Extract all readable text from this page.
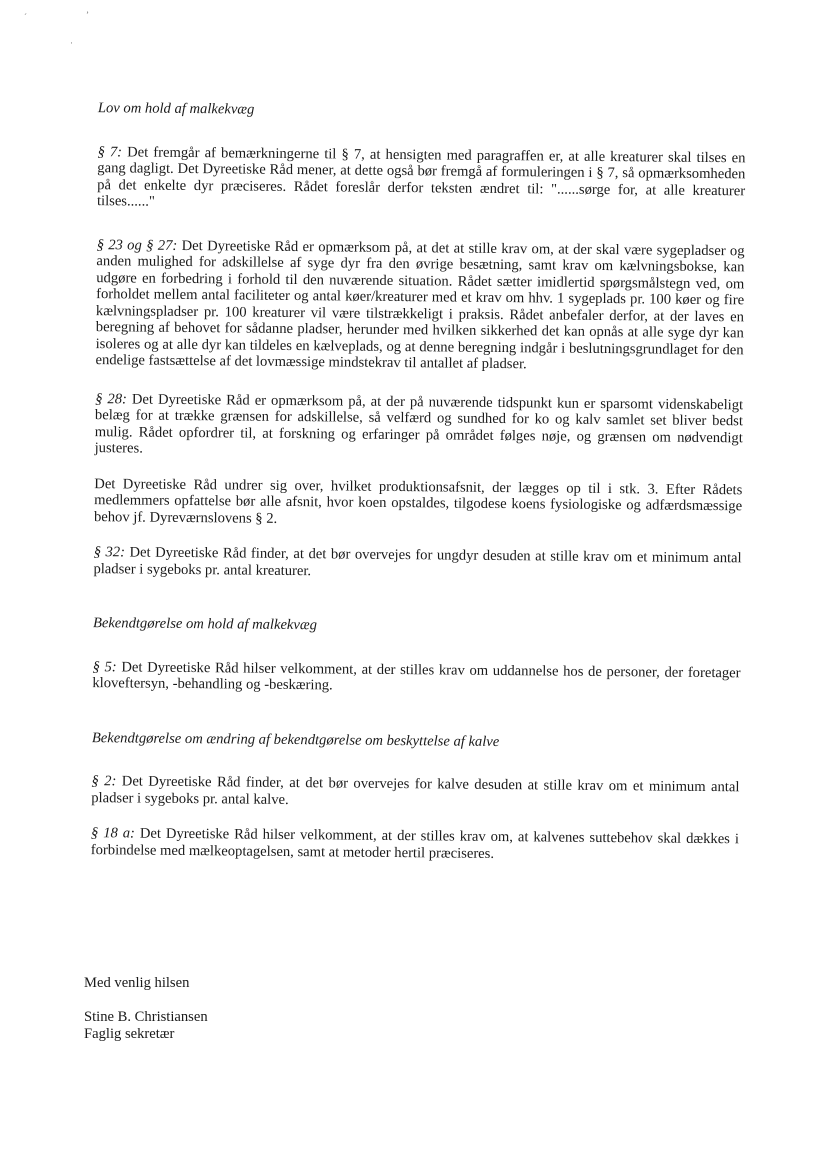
´	’
·

Lov om hold af malkekvæg

§ 7: Det fremgår af bemærkningerne til § 7, at hensigten med paragraffen er, at alle kreaturer skal tilses en gang dagligt. Det Dyreetiske Råd mener, at dette også bør fremgå af formuleringen i § 7, så opmærksomheden på det enkelte dyr præciseres. Rådet foreslår derfor teksten ændret til: "......sørge for, at alle kreaturer tilses......"

§ 23 og § 27: Det Dyreetiske Råd er opmærksom på, at det at stille krav om, at der skal være sygepladser og anden mulighed for adskillelse af syge dyr fra den øvrige besætning, samt krav om kælvningsbokse, kan udgøre en forbedring i forhold til den nuværende situation. Rådet sætter imidlertid spørgsmålstegn ved, om forholdet mellem antal faciliteter og antal køer/kreaturer med et krav om hhv. 1 sygeplads pr. 100 køer og fire kælvningspladser pr. 100 kreaturer vil være tilstrækkeligt i praksis. Rådet anbefaler derfor, at der laves en beregning af behovet for sådanne pladser, herunder med hvilken sikkerhed det kan opnås at alle syge dyr kan isoleres og at alle dyr kan tildeles en kælveplads, og at denne beregning indgår i beslutningsgrundlaget for den endelige fastsættelse af det lovmæssige mindstekrav til antallet af pladser.

§ 28: Det Dyreetiske Råd er opmærksom på, at der på nuværende tidspunkt kun er sparsomt videnskabeligt belæg for at trække grænsen for adskillelse, så velfærd og sundhed for ko og kalv samlet set bliver bedst mulig. Rådet opfordrer til, at forskning og erfaringer på området følges nøje, og grænsen om nødvendigt justeres.

Det Dyreetiske Råd undrer sig over, hvilket produktionsafsnit, der lægges op til i stk. 3. Efter Rådets medlemmers opfattelse bør alle afsnit, hvor koen opstaldes, tilgodese koens fysiologiske og adfærdsmæssige behov jf. Dyreværnslovens § 2.

§ 32: Det Dyreetiske Råd finder, at det bør overvejes for ungdyr desuden at stille krav om et minimum antal pladser i sygeboks pr. antal kreaturer.

Bekendtgørelse om hold af malkekvæg

§ 5: Det Dyreetiske Råd hilser velkomment, at der stilles krav om uddannelse hos de personer, der foretager kloveftersyn, -behandling og -beskæring.

Bekendtgørelse om ændring af bekendtgørelse om beskyttelse af kalve

§ 2: Det Dyreetiske Råd finder, at det bør overvejes for kalve desuden at stille krav om et minimum antal pladser i sygeboks pr. antal kalve.

§ 18 a: Det Dyreetiske Råd hilser velkomment, at der stilles krav om, at kalvenes suttebehov skal dækkes i forbindelse med mælkeoptagelsen, samt at metoder hertil præciseres.

Med venlig hilsen

Stine B. Christiansen

Faglig sekretær
